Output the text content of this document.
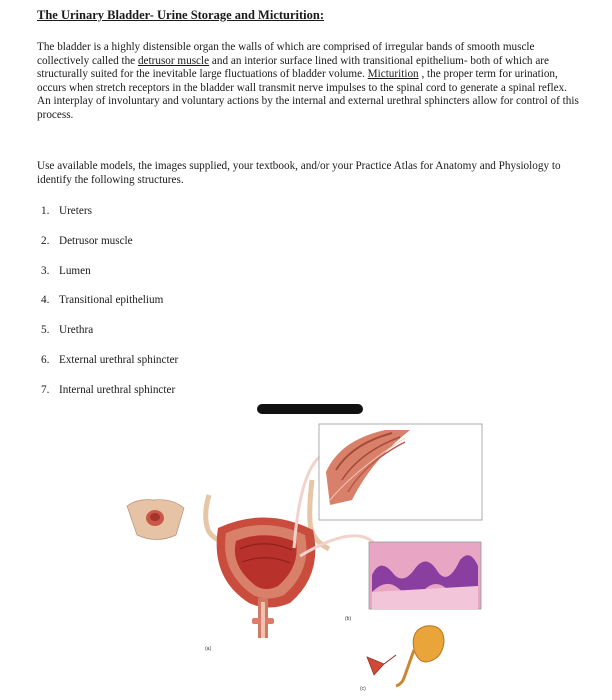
The Urinary Bladder- Urine Storage and Micturition:
The bladder is a highly distensible organ the walls of which are comprised of irregular bands of smooth muscle collectively called the detrusor muscle and an interior surface lined with transitional epithelium- both of which are structurally suited for the inevitable large fluctuations of bladder volume. Micturition , the proper term for urination, occurs when stretch receptors in the bladder wall transmit nerve impulses to the spinal cord to generate a spinal reflex. An interplay of involuntary and voluntary actions by the internal and external urethral sphincters allow for control of this process.
Use available models, the images supplied, your textbook, and/or your Practice Atlas for Anatomy and Physiology to identify the following structures.
1. Ureters
2. Detrusor muscle
3. Lumen
4. Transitional epithelium
5. Urethra
6. External urethral sphincter
7. Internal urethral sphincter
(b)
(a)
(c)
